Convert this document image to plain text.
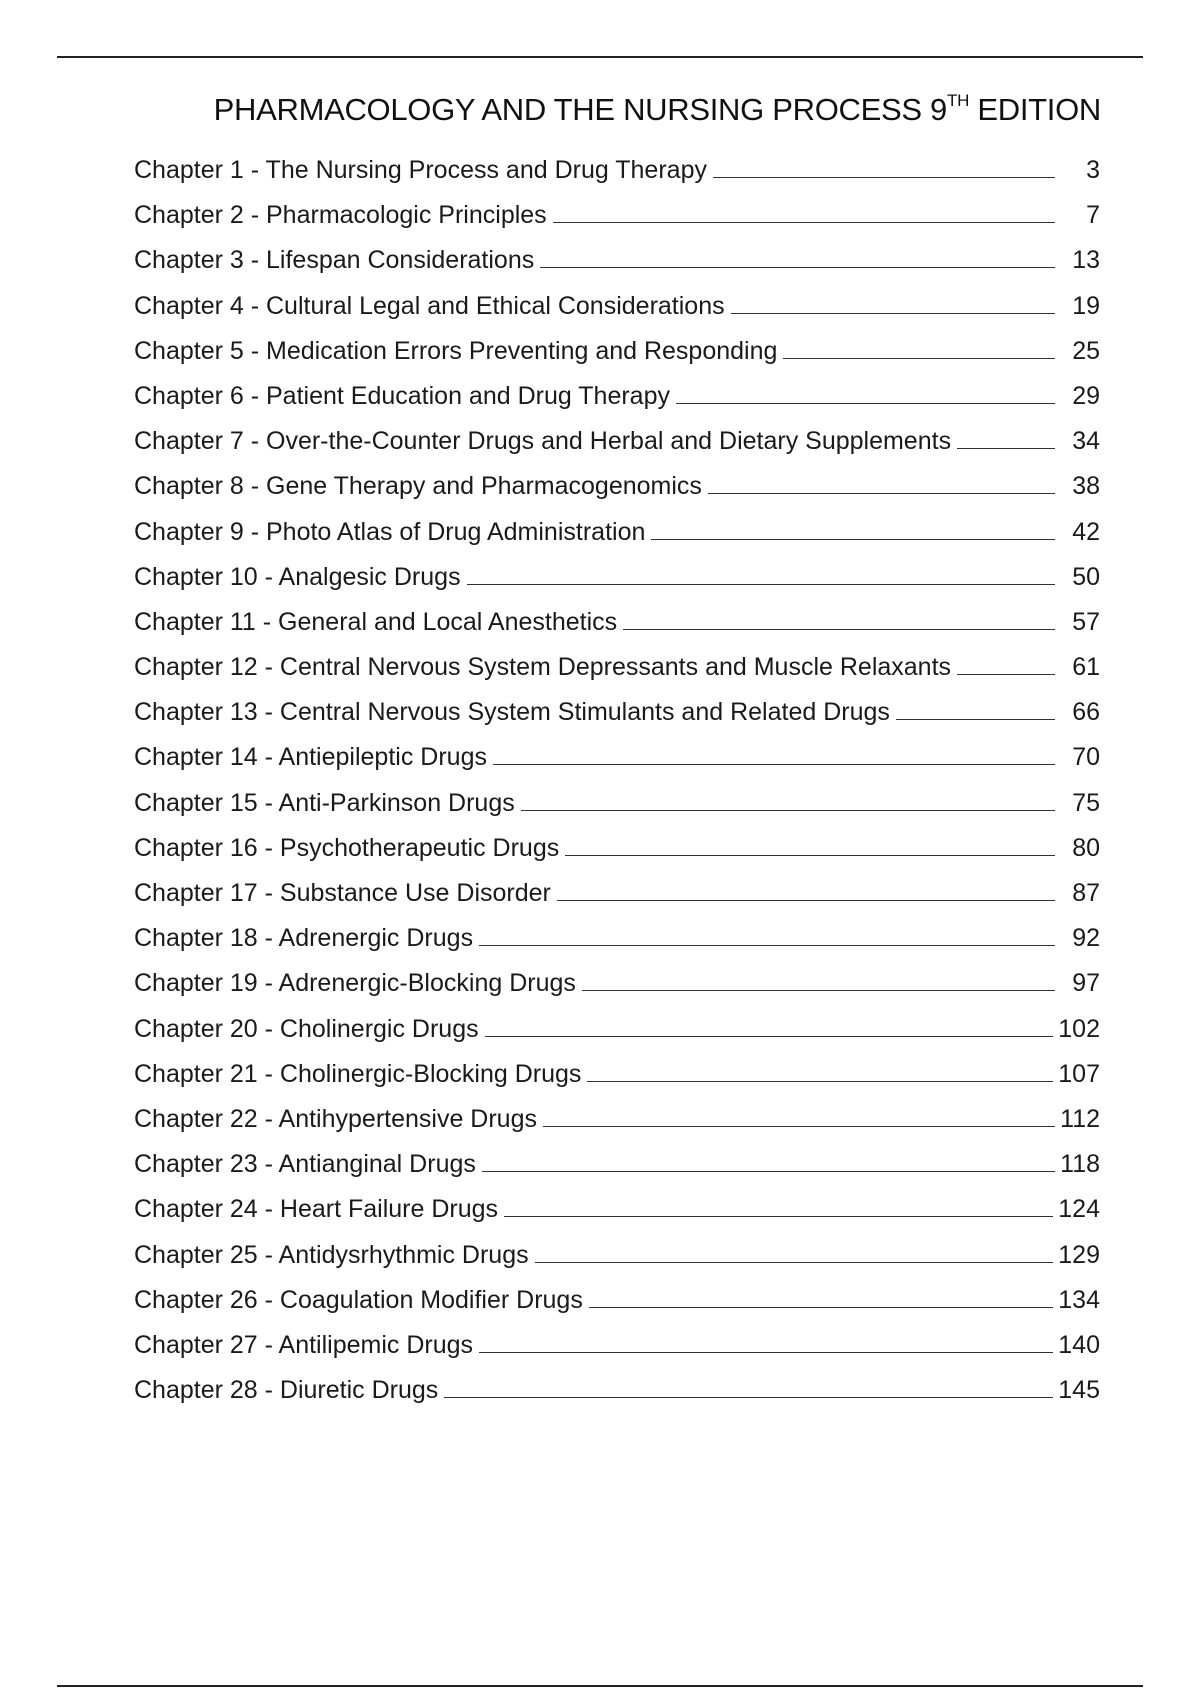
PHARMACOLOGY AND THE NURSING PROCESS 9TH EDITION
Chapter 1 - The Nursing Process and Drug Therapy	3
Chapter 2 - Pharmacologic Principles	7
Chapter 3 - Lifespan Considerations	13
Chapter 4 - Cultural Legal and Ethical Considerations	19
Chapter 5 - Medication Errors Preventing and Responding	25
Chapter 6 - Patient Education and Drug Therapy	29
Chapter 7 - Over-the-Counter Drugs and Herbal and Dietary Supplements	34
Chapter 8 - Gene Therapy and Pharmacogenomics	38
Chapter 9 - Photo Atlas of Drug Administration	42
Chapter 10 - Analgesic Drugs	50
Chapter 11 - General and Local Anesthetics	57
Chapter 12 - Central Nervous System Depressants and Muscle Relaxants	61
Chapter 13 - Central Nervous System Stimulants and Related Drugs	66
Chapter 14 - Antiepileptic Drugs	70
Chapter 15 - Anti-Parkinson Drugs	75
Chapter 16 - Psychotherapeutic Drugs	80
Chapter 17 - Substance Use Disorder	87
Chapter 18 - Adrenergic Drugs	92
Chapter 19 - Adrenergic-Blocking Drugs	97
Chapter 20 - Cholinergic Drugs	102
Chapter 21 - Cholinergic-Blocking Drugs	107
Chapter 22 - Antihypertensive Drugs	112
Chapter 23 - Antianginal Drugs	118
Chapter 24 - Heart Failure Drugs	124
Chapter 25 - Antidysrhythmic Drugs	129
Chapter 26 - Coagulation Modifier Drugs	134
Chapter 27 - Antilipemic Drugs	140
Chapter 28 - Diuretic Drugs	145
